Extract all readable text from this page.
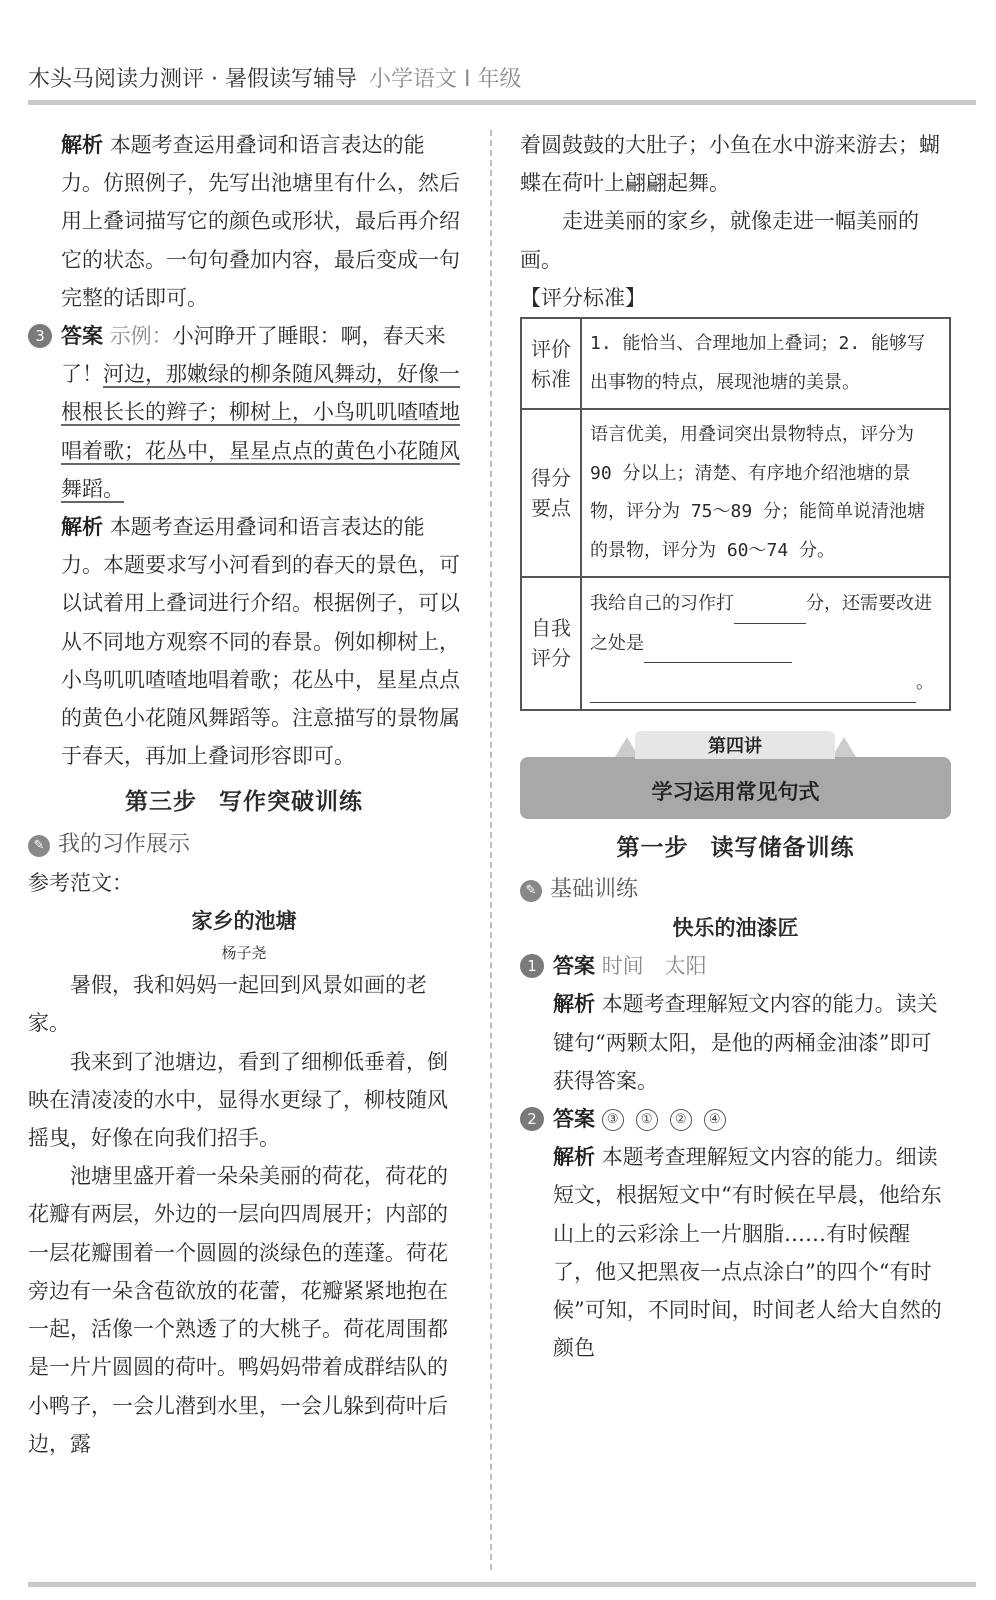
木头马阅读力测评 · 暑假读写辅导 小学语文 I 年级

解析 本题考查运用叠词和语言表达的能力。仿照例子，先写出池塘里有什么，然后用上叠词描写它的颜色或形状，最后再介绍它的状态。一句句叠加内容，最后变成一句完整的话即可。

3 答案 示例：小河睁开了睡眼：啊，春天来了！河边，那嫩绿的柳条随风舞动，好像一根根长长的辫子；柳树上，小鸟叽叽喳喳地唱着歌；花丛中，星星点点的黄色小花随风舞蹈。

解析 本题考查运用叠词和语言表达的能力。本题要求写小河看到的春天的景色，可以试着用上叠词进行介绍。根据例子，可以从不同地方观察不同的春景。例如柳树上，小鸟叽叽喳喳地唱着歌；花丛中，星星点点的黄色小花随风舞蹈等。注意描写的景物属于春天，再加上叠词形容即可。

第三步 写作突破训练
✎ 我的习作展示

参考范文：

家乡的池塘

杨子尧

暑假，我和妈妈一起回到风景如画的老家。

我来到了池塘边，看到了细柳低垂着，倒映在清凌凌的水中，显得水更绿了，柳枝随风摇曳，好像在向我们招手。

池塘里盛开着一朵朵美丽的荷花，荷花的花瓣有两层，外边的一层向四周展开；内部的一层花瓣围着一个圆圆的淡绿色的莲蓬。荷花旁边有一朵含苞欲放的花蕾，花瓣紧紧地抱在一起，活像一个熟透了的大桃子。荷花周围都是一片片圆圆的荷叶。鸭妈妈带着成群结队的小鸭子，一会儿潜到水里，一会儿躲到荷叶后边，露

着圆鼓鼓的大肚子；小鱼在水中游来游去；蝴蝶在荷叶上翩翩起舞。

走进美丽的家乡，就像走进一幅美丽的画。

【评分标准】

评价标准	1. 能恰当、合理地加上叠词；2. 能够写出事物的特点，展现池塘的美景。
得分要点	语言优美，用叠词突出景物特点，评分为 90 分以上；清楚、有序地介绍池塘的景物，评分为 75～89 分；能简单说清池塘的景物，评分为 60～74 分。
自我评分	我给自己的习作打 分，还需要改进之处是
。
第四讲
学习运用常见句式
第一步 读写储备训练
✎ 基础训练

快乐的油漆匠

1 答案 时间　太阳

解析 本题考查理解短文内容的能力。读关键句“两颗太阳，是他的两桶金油漆”即可获得答案。

2 答案 ③ ① ② ④

解析 本题考查理解短文内容的能力。细读短文，根据短文中“有时候在早晨，他给东山上的云彩涂上一片胭脂……有时候醒了，他又把黑夜一点点涂白”的四个“有时候”可知，不同时间，时间老人给大自然的颜色
